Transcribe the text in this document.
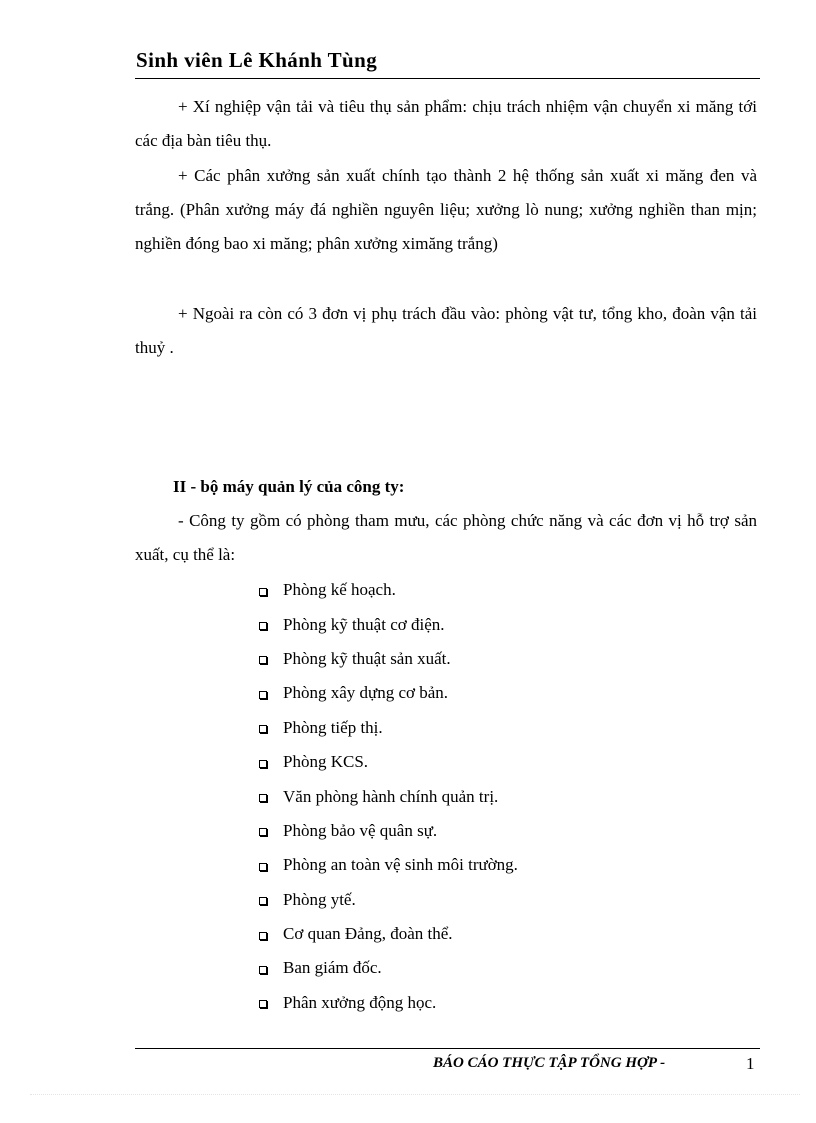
Sinh viên Lê Khánh Tùng

+ Xí nghiệp vận tải và tiêu thụ sản phẩm: chịu trách nhiệm vận chuyển xi măng tới các địa bàn tiêu thụ.

+ Các phân xưởng sản xuất chính tạo thành 2 hệ thống sản xuất xi măng đen và trắng. (Phân xưởng máy đá nghiền nguyên liệu; xưởng lò nung; xưởng nghiền than mịn; nghiền đóng bao xi măng; phân xưởng ximăng trắng)

+ Ngoài ra còn có 3 đơn vị phụ trách đầu vào: phòng vật tư, tổng kho, đoàn vận tải thuỷ .

II - bộ máy quản lý của công ty:

- Công ty gồm có phòng tham mưu, các phòng chức năng và các đơn vị hỗ trợ sản xuất, cụ thể là:

Phòng kế hoạch.
Phòng kỹ thuật cơ điện.
Phòng kỹ thuật sản xuất.
Phòng xây dựng cơ bản.
Phòng tiếp thị.
Phòng KCS.
Văn phòng hành chính quản trị.
Phòng bảo vệ quân sự.
Phòng an toàn vệ sinh môi trường.
Phòng ytế.
Cơ quan Đảng, đoàn thể.
Ban giám đốc.
Phân xưởng động học.
BÁO CÁO THỰC TẬP TỔNG HỢP -	1
